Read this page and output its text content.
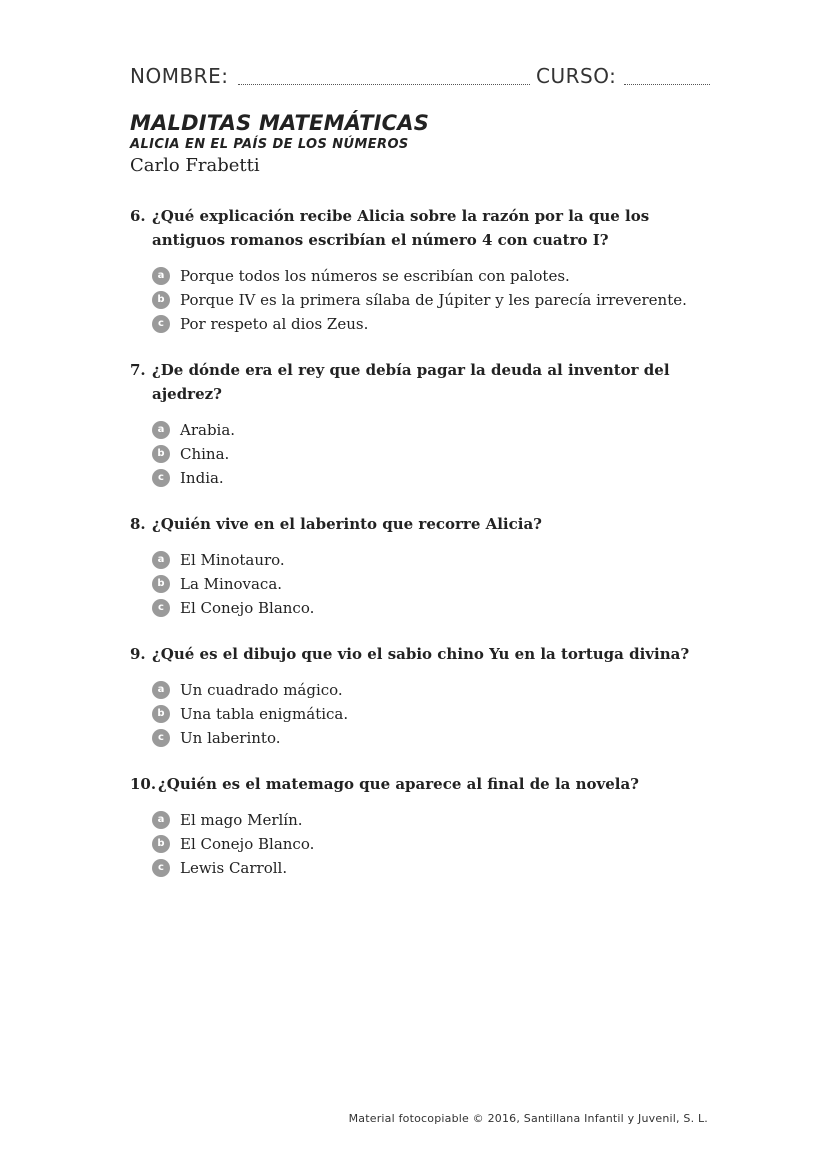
NOMBRE:	CURSO:
MALDITAS MATEMÁTICAS
ALICIA EN EL PAÍS DE LOS NÚMEROS
Carlo Frabetti
6. ¿Qué explicación recibe Alicia sobre la razón por la que los antiguos romanos escribían el número 4 con cuatro I?
a	Porque todos los números se escribían con palotes.
b	Porque IV es la primera sílaba de Júpiter y les parecía irreverente.
c	Por respeto al dios Zeus.
7. ¿De dónde era el rey que debía pagar la deuda al inventor del ajedrez?
a	Arabia.
b	China.
c	India.
8. ¿Quién vive en el laberinto que recorre Alicia?
a	El Minotauro.
b	La Minovaca.
c	El Conejo Blanco.
9. ¿Qué es el dibujo que vio el sabio chino Yu en la tortuga divina?
a	Un cuadrado mágico.
b	Una tabla enigmática.
c	Un laberinto.
10. ¿Quién es el matemago que aparece al final de la novela?
a	El mago Merlín.
b	El Conejo Blanco.
c	Lewis Carroll.
Material fotocopiable © 2016, Santillana Infantil y Juvenil, S. L.
